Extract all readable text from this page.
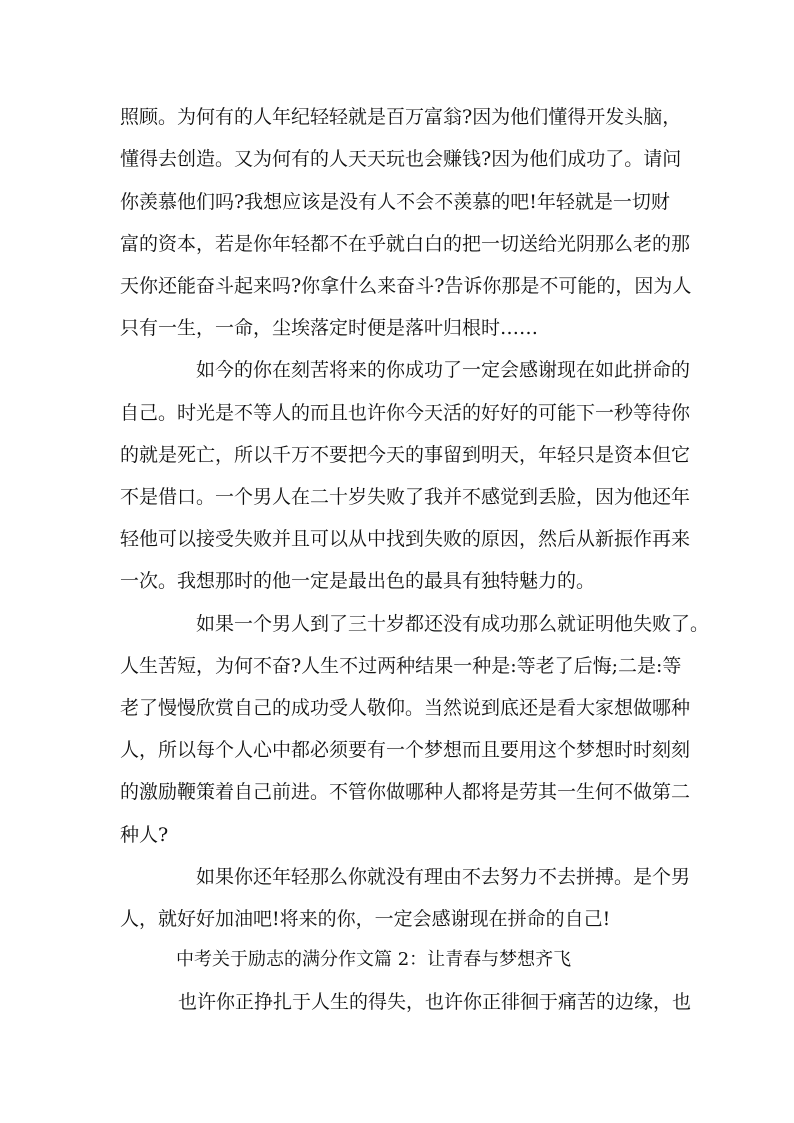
照顾。为何有的人年纪轻轻就是百万富翁?因为他们懂得开发头脑，
懂得去创造。又为何有的人天天玩也会赚钱?因为他们成功了。请问
你羡慕他们吗?我想应该是没有人不会不羡慕的吧!年轻就是一切财
富的资本，若是你年轻都不在乎就白白的把一切送给光阴那么老的那
天你还能奋斗起来吗?你拿什么来奋斗?告诉你那是不可能的，因为人
只有一生，一命，尘埃落定时便是落叶归根时……
如今的你在刻苦将来的你成功了一定会感谢现在如此拼命的
自己。时光是不等人的而且也许你今天活的好好的可能下一秒等待你
的就是死亡，所以千万不要把今天的事留到明天，年轻只是资本但它
不是借口。一个男人在二十岁失败了我并不感觉到丢脸，因为他还年
轻他可以接受失败并且可以从中找到失败的原因，然后从新振作再来
一次。我想那时的他一定是最出色的最具有独特魅力的。
如果一个男人到了三十岁都还没有成功那么就证明他失败了。
人生苦短，为何不奋?人生不过两种结果一种是:等老了后悔;二是:等
老了慢慢欣赏自己的成功受人敬仰。当然说到底还是看大家想做哪种
人，所以每个人心中都必须要有一个梦想而且要用这个梦想时时刻刻
的激励鞭策着自己前进。不管你做哪种人都将是劳其一生何不做第二
种人?
如果你还年轻那么你就没有理由不去努力不去拼搏。是个男
人，就好好加油吧!将来的你，一定会感谢现在拼命的自己!
中考关于励志的满分作文篇 2：让青春与梦想齐飞
也许你正挣扎于人生的得失，也许你正徘徊于痛苦的边缘，也
